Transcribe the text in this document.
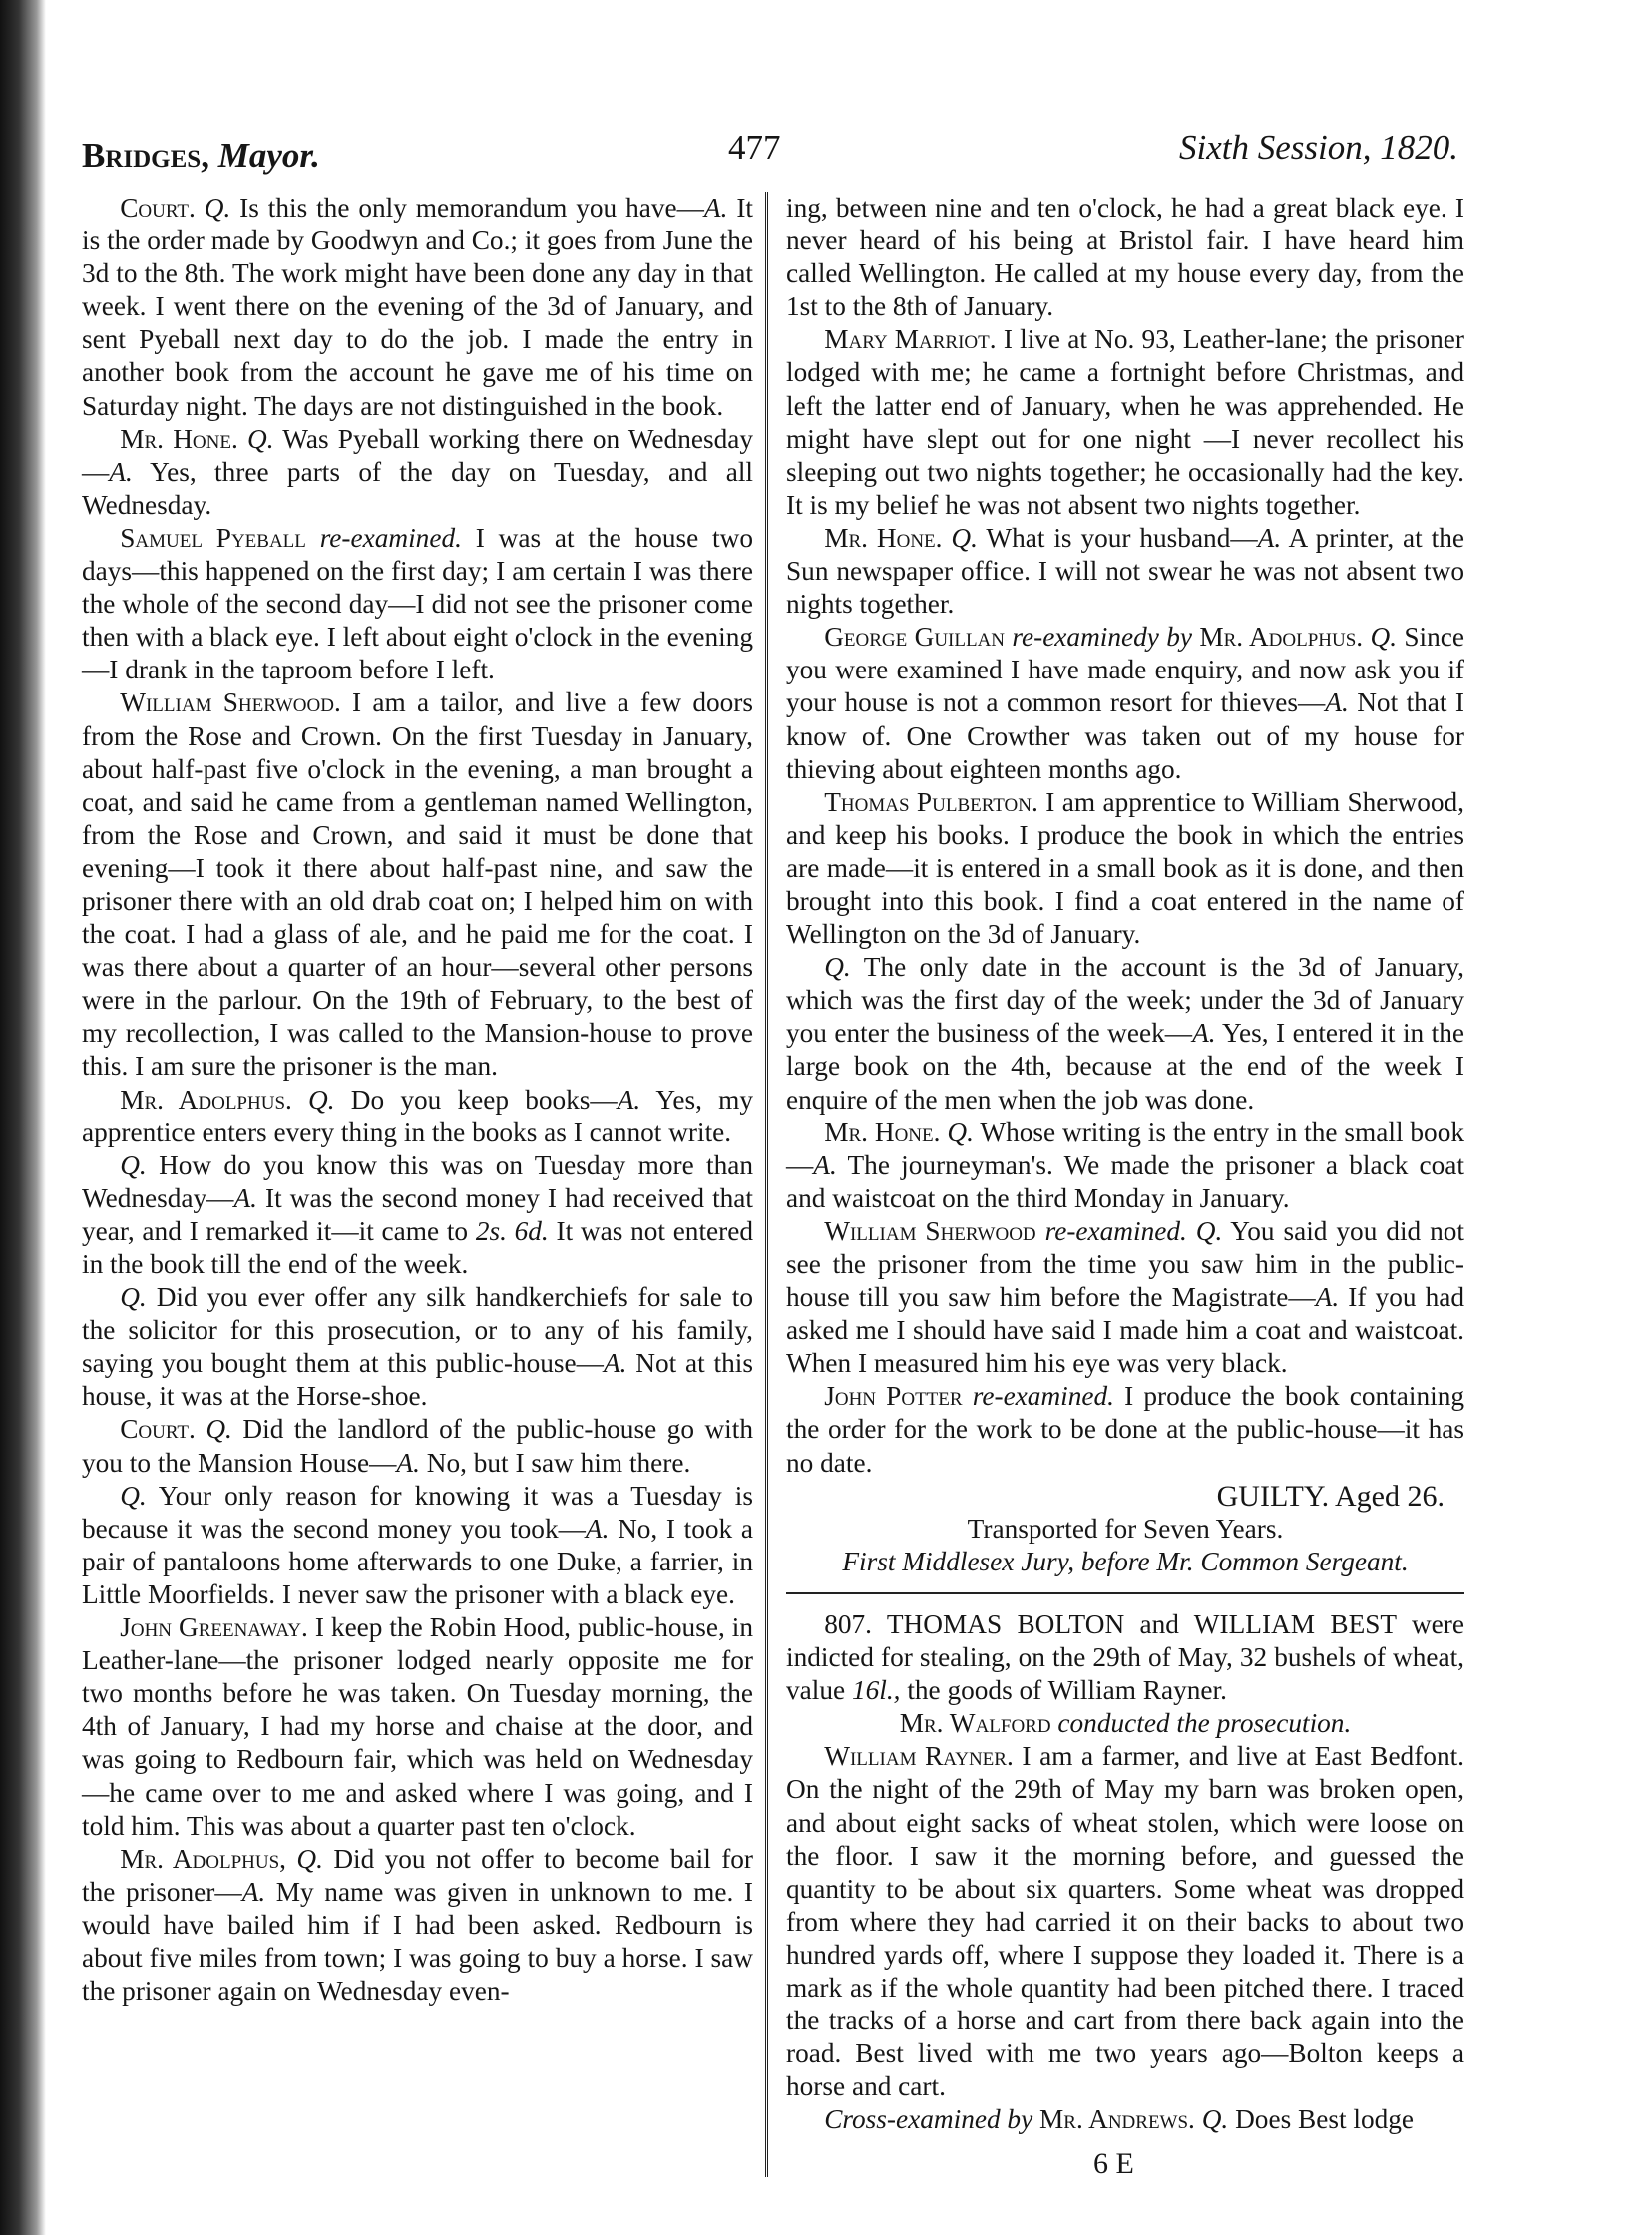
Bridges, Mayor.	477	Sixth Session, 1820.

Court. Q. Is this the only memorandum you have—A. It is the order made by Goodwyn and Co.; it goes from June the 3d to the 8th. The work might have been done any day in that week. I went there on the evening of the 3d of January, and sent Pyeball next day to do the job. I made the entry in another book from the account he gave me of his time on Saturday night. The days are not distinguished in the book.

Mr. Hone. Q. Was Pyeball working there on Wednesday—A. Yes, three parts of the day on Tuesday, and all Wednesday.

Samuel Pyeball re-examined. I was at the house two days—this happened on the first day; I am certain I was there the whole of the second day—I did not see the prisoner come then with a black eye. I left about eight o'clock in the evening—I drank in the taproom before I left.

William Sherwood. I am a tailor, and live a few doors from the Rose and Crown. On the first Tuesday in January, about half-past five o'clock in the evening, a man brought a coat, and said he came from a gentleman named Wellington, from the Rose and Crown, and said it must be done that evening—I took it there about half-past nine, and saw the prisoner there with an old drab coat on; I helped him on with the coat. I had a glass of ale, and he paid me for the coat. I was there about a quarter of an hour—several other persons were in the parlour. On the 19th of February, to the best of my recollection, I was called to the Mansion-house to prove this. I am sure the prisoner is the man.

Mr. Adolphus. Q. Do you keep books—A. Yes, my apprentice enters every thing in the books as I cannot write.

Q. How do you know this was on Tuesday more than Wednesday—A. It was the second money I had received that year, and I remarked it—it came to 2s. 6d. It was not entered in the book till the end of the week.

Q. Did you ever offer any silk handkerchiefs for sale to the solicitor for this prosecution, or to any of his family, saying you bought them at this public-house—A. Not at this house, it was at the Horse-shoe.

Court. Q. Did the landlord of the public-house go with you to the Mansion House—A. No, but I saw him there.

Q. Your only reason for knowing it was a Tuesday is because it was the second money you took—A. No, I took a pair of pantaloons home afterwards to one Duke, a farrier, in Little Moorfields. I never saw the prisoner with a black eye.

John Greenaway. I keep the Robin Hood, public-house, in Leather-lane—the prisoner lodged nearly opposite me for two months before he was taken. On Tuesday morning, the 4th of January, I had my horse and chaise at the door, and was going to Redbourn fair, which was held on Wednesday—he came over to me and asked where I was going, and I told him. This was about a quarter past ten o'clock.

Mr. Adolphus, Q. Did you not offer to become bail for the prisoner—A. My name was given in unknown to me. I would have bailed him if I had been asked. Redbourn is about five miles from town; I was going to buy a horse. I saw the prisoner again on Wednesday even-

ing, between nine and ten o'clock, he had a great black eye. I never heard of his being at Bristol fair. I have heard him called Wellington. He called at my house every day, from the 1st to the 8th of January.

Mary Marriot. I live at No. 93, Leather-lane; the prisoner lodged with me; he came a fortnight before Christmas, and left the latter end of January, when he was apprehended. He might have slept out for one night —I never recollect his sleeping out two nights together; he occasionally had the key. It is my belief he was not absent two nights together.

Mr. Hone. Q. What is your husband—A. A printer, at the Sun newspaper office. I will not swear he was not absent two nights together.

George Guillan re-examinedy by Mr. Adolphus. Q. Since you were examined I have made enquiry, and now ask you if your house is not a common resort for thieves—A. Not that I know of. One Crowther was taken out of my house for thieving about eighteen months ago.

Thomas Pulberton. I am apprentice to William Sherwood, and keep his books. I produce the book in which the entries are made—it is entered in a small book as it is done, and then brought into this book. I find a coat entered in the name of Wellington on the 3d of January.

Q. The only date in the account is the 3d of January, which was the first day of the week; under the 3d of January you enter the business of the week—A. Yes, I entered it in the large book on the 4th, because at the end of the week I enquire of the men when the job was done.

Mr. Hone. Q. Whose writing is the entry in the small book—A. The journeyman's. We made the prisoner a black coat and waistcoat on the third Monday in January.

William Sherwood re-examined. Q. You said you did not see the prisoner from the time you saw him in the public-house till you saw him before the Magistrate—A. If you had asked me I should have said I made him a coat and waistcoat. When I measured him his eye was very black.

John Potter re-examined. I produce the book containing the order for the work to be done at the public-house—it has no date.

GUILTY. Aged 26.

Transported for Seven Years.

First Middlesex Jury, before Mr. Common Sergeant.

807. THOMAS BOLTON and WILLIAM BEST were indicted for stealing, on the 29th of May, 32 bushels of wheat, value 16l., the goods of William Rayner.

Mr. Walford conducted the prosecution.

William Rayner. I am a farmer, and live at East Bedfont. On the night of the 29th of May my barn was broken open, and about eight sacks of wheat stolen, which were loose on the floor. I saw it the morning before, and guessed the quantity to be about six quarters. Some wheat was dropped from where they had carried it on their backs to about two hundred yards off, where I suppose they loaded it. There is a mark as if the whole quantity had been pitched there. I traced the tracks of a horse and cart from there back again into the road. Best lived with me two years ago—Bolton keeps a horse and cart.

Cross-examined by Mr. Andrews. Q. Does Best lodge

6 E
